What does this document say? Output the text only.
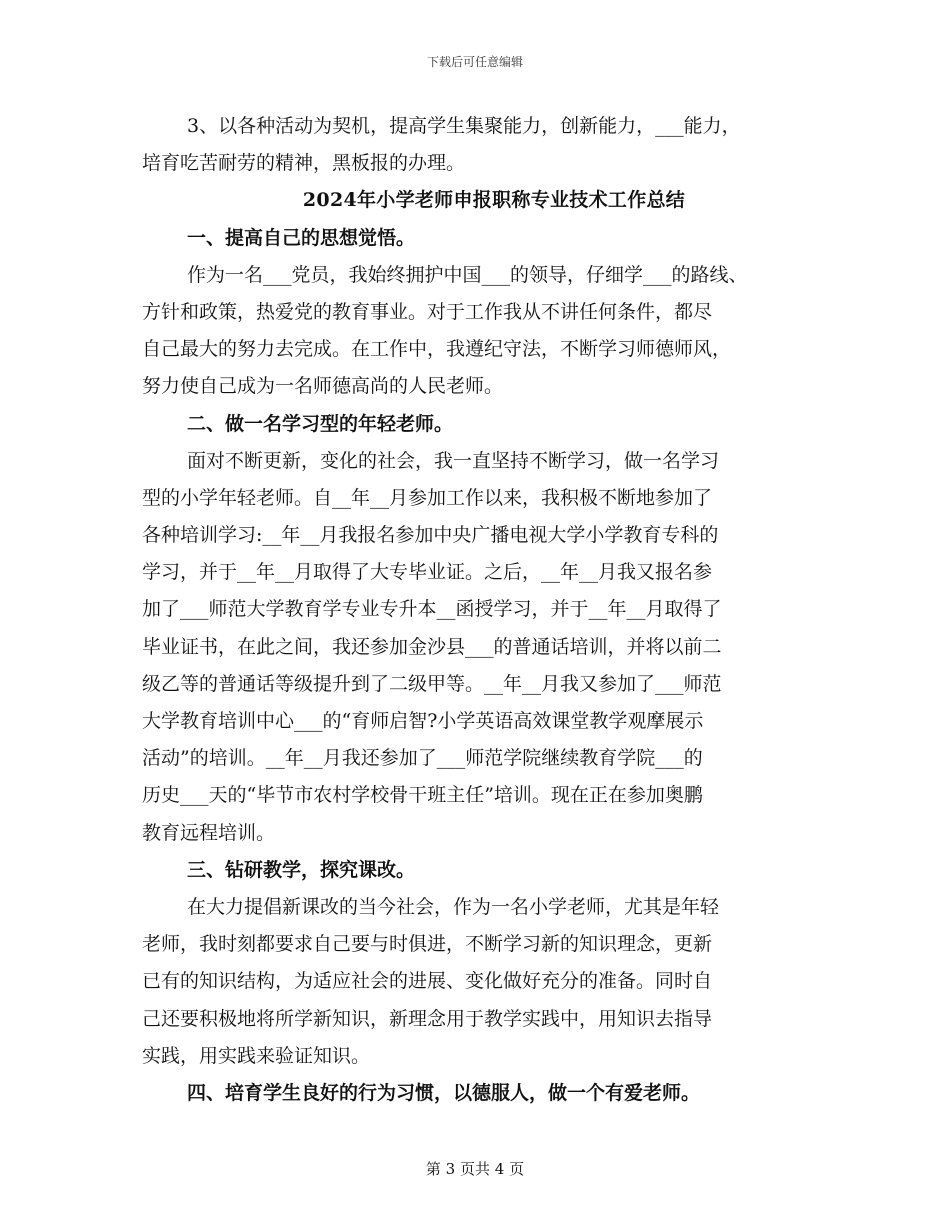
下载后可任意编辑
3、以各种活动为契机，提高学生集聚能力，创新能力，___能力，
培育吃苦耐劳的精神，黑板报的办理。
2024年小学老师申报职称专业技术工作总结
一、提高自己的思想觉悟。
作为一名___党员，我始终拥护中国___的领导，仔细学___的路线、
方针和政策，热爱党的教育事业。对于工作我从不讲任何条件，都尽
自己最大的努力去完成。在工作中，我遵纪守法，不断学习师德师风，
努力使自己成为一名师德高尚的人民老师。
二、做一名学习型的年轻老师。
面对不断更新，变化的社会，我一直坚持不断学习，做一名学习
型的小学年轻老师。自__年__月参加工作以来，我积极不断地参加了
各种培训学习:__年__月我报名参加中央广播电视大学小学教育专科的
学习，并于__年__月取得了大专毕业证。之后，__年__月我又报名参
加了___师范大学教育学专业专升本__函授学习，并于__年__月取得了
毕业证书，在此之间，我还参加金沙县___的普通话培训，并将以前二
级乙等的普通话等级提升到了二级甲等。__年__月我又参加了___师范
大学教育培训中心___的“育师启智?小学英语高效课堂教学观摩展示
活动”的培训。__年__月我还参加了___师范学院继续教育学院___的
历史___天的“毕节市农村学校骨干班主任”培训。现在正在参加奥鹏
教育远程培训。
三、钻研教学，探究课改。
在大力提倡新课改的当今社会，作为一名小学老师，尤其是年轻
老师，我时刻都要求自己要与时俱进，不断学习新的知识理念，更新
已有的知识结构，为适应社会的进展、变化做好充分的准备。同时自
己还要积极地将所学新知识，新理念用于教学实践中，用知识去指导
实践，用实践来验证知识。
四、培育学生良好的行为习惯，以德服人，做一个有爱老师。
第 3 页共 4 页
